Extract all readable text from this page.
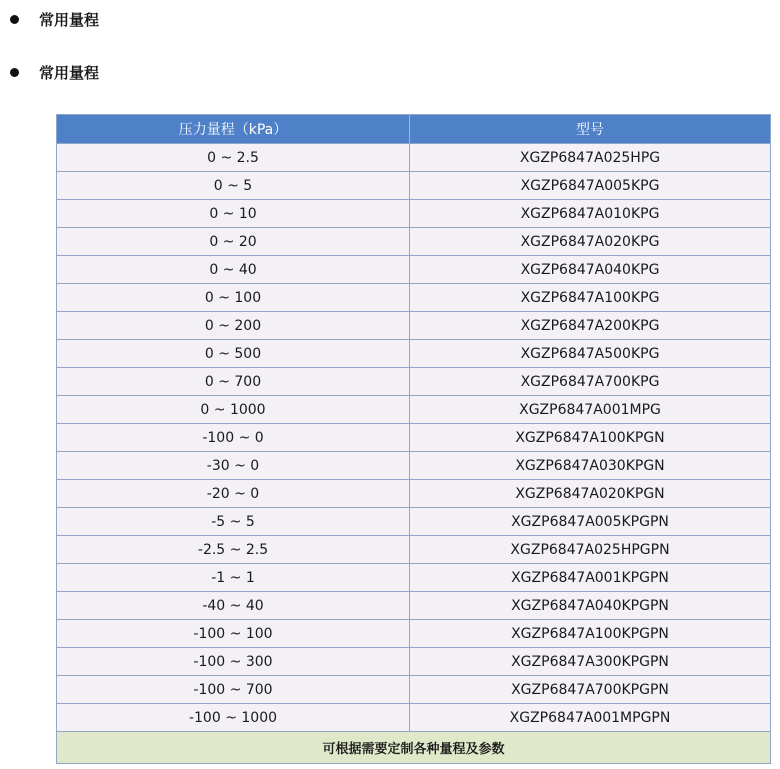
常用量程
常用量程
压力量程（kPa）	型号
0 ~ 2.5	XGZP6847A025HPG
0 ~ 5	XGZP6847A005KPG
0 ~ 10	XGZP6847A010KPG
0 ~ 20	XGZP6847A020KPG
0 ~ 40	XGZP6847A040KPG
0 ~ 100	XGZP6847A100KPG
0 ~ 200	XGZP6847A200KPG
0 ~ 500	XGZP6847A500KPG
0 ~ 700	XGZP6847A700KPG
0 ~ 1000	XGZP6847A001MPG
-100 ~ 0	XGZP6847A100KPGN
-30 ~ 0	XGZP6847A030KPGN
-20 ~ 0	XGZP6847A020KPGN
-5 ~ 5	XGZP6847A005KPGPN
-2.5 ~ 2.5	XGZP6847A025HPGPN
-1 ~ 1	XGZP6847A001KPGPN
-40 ~ 40	XGZP6847A040KPGPN
-100 ~ 100	XGZP6847A100KPGPN
-100 ~ 300	XGZP6847A300KPGPN
-100 ~ 700	XGZP6847A700KPGPN
-100 ~ 1000	XGZP6847A001MPGPN
可根据需要定制各种量程及参数
